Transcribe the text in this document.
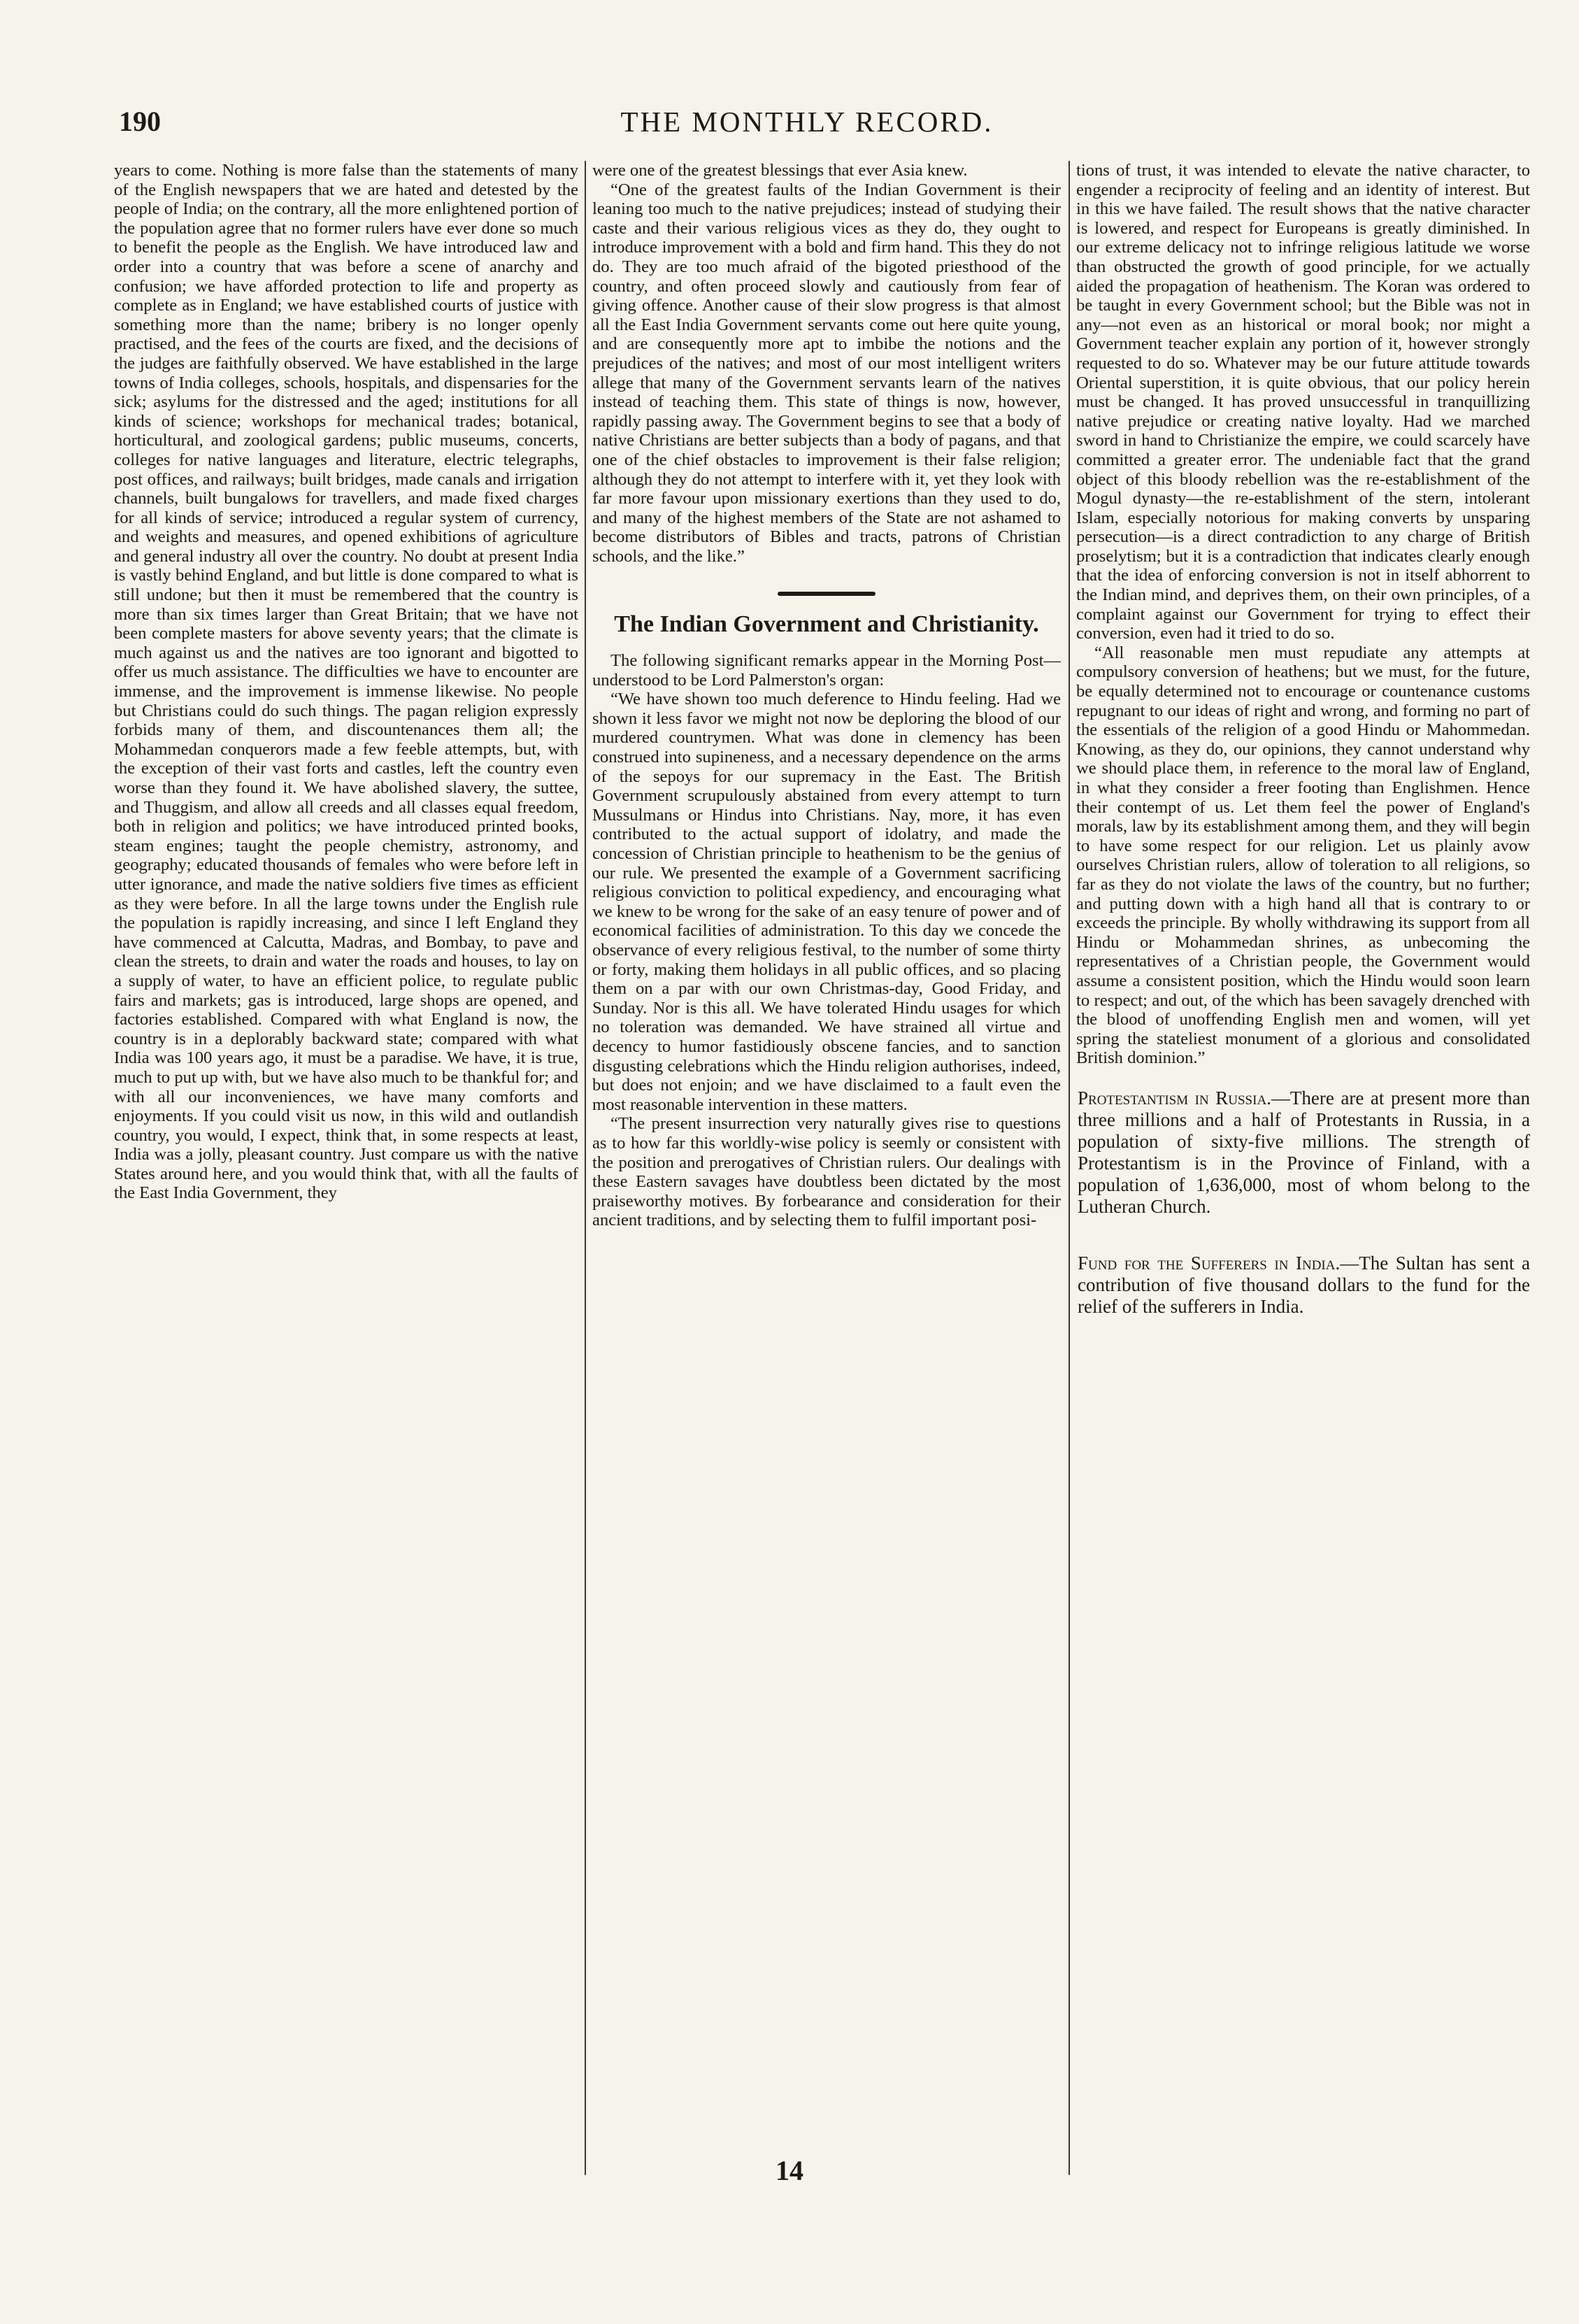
190	THE MONTHLY RECORD.

years to come. Nothing is more false than the statements of many of the English newspapers that we are hated and detested by the people of India; on the contrary, all the more enlightened portion of the population agree that no former rulers have ever done so much to benefit the people as the English. We have introduced law and order into a country that was before a scene of anarchy and confusion; we have afforded protection to life and property as complete as in England; we have established courts of justice with something more than the name; bribery is no longer openly practised, and the fees of the courts are fixed, and the decisions of the judges are faithfully observed. We have established in the large towns of India colleges, schools, hospitals, and dispensaries for the sick; asylums for the distressed and the aged; institutions for all kinds of science; workshops for mechanical trades; botanical, horticultural, and zoological gardens; public museums, concerts, colleges for native languages and literature, electric telegraphs, post offices, and railways; built bridges, made canals and irrigation channels, built bungalows for travellers, and made fixed charges for all kinds of service; introduced a regular system of currency, and weights and measures, and opened exhibitions of agriculture and general industry all over the country. No doubt at present India is vastly behind England, and but little is done compared to what is still undone; but then it must be remembered that the country is more than six times larger than Great Britain; that we have not been complete masters for above seventy years; that the climate is much against us and the natives are too ignorant and bigotted to offer us much assistance. The difficulties we have to encounter are immense, and the improvement is immense likewise. No people but Christians could do such things. The pagan religion expressly forbids many of them, and discountenances them all; the Mohammedan conquerors made a few feeble attempts, but, with the exception of their vast forts and castles, left the country even worse than they found it. We have abolished slavery, the suttee, and Thuggism, and allow all creeds and all classes equal freedom, both in religion and politics; we have introduced printed books, steam engines; taught the people chemistry, astronomy, and geography; educated thousands of females who were before left in utter ignorance, and made the native soldiers five times as efficient as they were before. In all the large towns under the English rule the population is rapidly increasing, and since I left England they have commenced at Calcutta, Madras, and Bombay, to pave and clean the streets, to drain and water the roads and houses, to lay on a supply of water, to have an efficient police, to regulate public fairs and markets; gas is introduced, large shops are opened, and factories established. Compared with what England is now, the country is in a deplorably backward state; compared with what India was 100 years ago, it must be a paradise. We have, it is true, much to put up with, but we have also much to be thankful for; and with all our inconveniences, we have many comforts and enjoyments. If you could visit us now, in this wild and outlandish country, you would, I expect, think that, in some respects at least, India was a jolly, pleasant country. Just compare us with the native States around here, and you would think that, with all the faults of the East India Government, they

were one of the greatest blessings that ever Asia knew.

“One of the greatest faults of the Indian Government is their leaning too much to the native prejudices; instead of studying their caste and their various religious vices as they do, they ought to introduce improvement with a bold and firm hand. This they do not do. They are too much afraid of the bigoted priesthood of the country, and often proceed slowly and cautiously from fear of giving offence. Another cause of their slow progress is that almost all the East India Government servants come out here quite young, and are consequently more apt to imbibe the notions and the prejudices of the natives; and most of our most intelligent writers allege that many of the Government servants learn of the natives instead of teaching them. This state of things is now, however, rapidly passing away. The Government begins to see that a body of native Christians are better subjects than a body of pagans, and that one of the chief obstacles to improvement is their false religion; although they do not attempt to interfere with it, yet they look with far more favour upon missionary exertions than they used to do, and many of the highest members of the State are not ashamed to become distributors of Bibles and tracts, patrons of Christian schools, and the like.”

The Indian Government and Christianity.

The following significant remarks appear in the Morning Post—understood to be Lord Palmerston's organ:

“We have shown too much deference to Hindu feeling. Had we shown it less favor we might not now be deploring the blood of our murdered countrymen. What was done in clemency has been construed into supineness, and a necessary dependence on the arms of the sepoys for our supremacy in the East. The British Government scrupulously abstained from every attempt to turn Mussulmans or Hindus into Christians. Nay, more, it has even contributed to the actual support of idolatry, and made the concession of Christian principle to heathenism to be the genius of our rule. We presented the example of a Government sacrificing religious conviction to political expediency, and encouraging what we knew to be wrong for the sake of an easy tenure of power and of economical facilities of administration. To this day we concede the observance of every religious festival, to the number of some thirty or forty, making them holidays in all public offices, and so placing them on a par with our own Christmas-day, Good Friday, and Sunday. Nor is this all. We have tolerated Hindu usages for which no toleration was demanded. We have strained all virtue and decency to humor fastidiously obscene fancies, and to sanction disgusting celebrations which the Hindu religion authorises, indeed, but does not enjoin; and we have disclaimed to a fault even the most reasonable intervention in these matters.

“The present insurrection very naturally gives rise to questions as to how far this worldly-wise policy is seemly or consistent with the position and prerogatives of Christian rulers. Our dealings with these Eastern savages have doubtless been dictated by the most praiseworthy motives. By forbearance and consideration for their ancient traditions, and by selecting them to fulfil important posi-

tions of trust, it was intended to elevate the native character, to engender a reciprocity of feeling and an identity of interest. But in this we have failed. The result shows that the native character is lowered, and respect for Europeans is greatly diminished. In our extreme delicacy not to infringe religious latitude we worse than obstructed the growth of good principle, for we actually aided the propagation of heathenism. The Koran was ordered to be taught in every Government school; but the Bible was not in any—not even as an historical or moral book; nor might a Government teacher explain any portion of it, however strongly requested to do so. Whatever may be our future attitude towards Oriental superstition, it is quite obvious, that our policy herein must be changed. It has proved unsuccessful in tranquillizing native prejudice or creating native loyalty. Had we marched sword in hand to Christianize the empire, we could scarcely have committed a greater error. The undeniable fact that the grand object of this bloody rebellion was the re-establishment of the Mogul dynasty—the re-establishment of the stern, intolerant Islam, especially notorious for making converts by unsparing persecution—is a direct contradiction to any charge of British proselytism; but it is a contradiction that indicates clearly enough that the idea of enforcing conversion is not in itself abhorrent to the Indian mind, and deprives them, on their own principles, of a complaint against our Government for trying to effect their conversion, even had it tried to do so.

“All reasonable men must repudiate any attempts at compulsory conversion of heathens; but we must, for the future, be equally determined not to encourage or countenance customs repugnant to our ideas of right and wrong, and forming no part of the essentials of the religion of a good Hindu or Mahommedan. Knowing, as they do, our opinions, they cannot understand why we should place them, in reference to the moral law of England, in what they consider a freer footing than Englishmen. Hence their contempt of us. Let them feel the power of England's morals, law by its establishment among them, and they will begin to have some respect for our religion. Let us plainly avow ourselves Christian rulers, allow of toleration to all religions, so far as they do not violate the laws of the country, but no further; and putting down with a high hand all that is contrary to or exceeds the principle. By wholly withdrawing its support from all Hindu or Mohammedan shrines, as unbecoming the representatives of a Christian people, the Government would assume a consistent position, which the Hindu would soon learn to respect; and out, of the which has been savagely drenched with the blood of unoffending English men and women, will yet spring the stateliest monument of a glorious and consolidated British dominion.”

Protestantism in Russia.—There are at present more than three millions and a half of Protestants in Russia, in a population of sixty-five millions. The strength of Protestantism is in the Province of Finland, with a population of 1,636,000, most of whom belong to the Lutheran Church.
Fund for the Sufferers in India.—The Sultan has sent a contribution of five thousand dollars to the fund for the relief of the sufferers in India.
14
